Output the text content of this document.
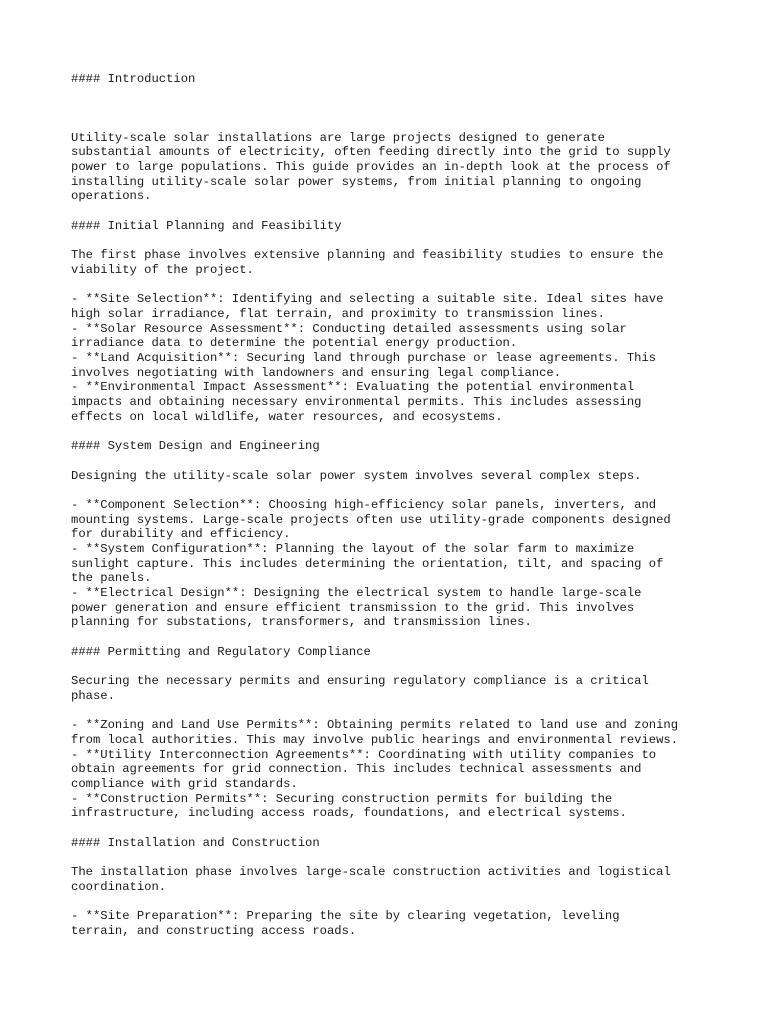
#### Introduction
Utility-scale solar installations are large projects designed to generate
substantial amounts of electricity, often feeding directly into the grid to supply
power to large populations. This guide provides an in-depth look at the process of
installing utility-scale solar power systems, from initial planning to ongoing
operations.
#### Initial Planning and Feasibility
The first phase involves extensive planning and feasibility studies to ensure the
viability of the project.
- **Site Selection**: Identifying and selecting a suitable site. Ideal sites have
high solar irradiance, flat terrain, and proximity to transmission lines.
- **Solar Resource Assessment**: Conducting detailed assessments using solar
irradiance data to determine the potential energy production.
- **Land Acquisition**: Securing land through purchase or lease agreements. This
involves negotiating with landowners and ensuring legal compliance.
- **Environmental Impact Assessment**: Evaluating the potential environmental
impacts and obtaining necessary environmental permits. This includes assessing
effects on local wildlife, water resources, and ecosystems.
#### System Design and Engineering
Designing the utility-scale solar power system involves several complex steps.
- **Component Selection**: Choosing high-efficiency solar panels, inverters, and
mounting systems. Large-scale projects often use utility-grade components designed
for durability and efficiency.
- **System Configuration**: Planning the layout of the solar farm to maximize
sunlight capture. This includes determining the orientation, tilt, and spacing of
the panels.
- **Electrical Design**: Designing the electrical system to handle large-scale
power generation and ensure efficient transmission to the grid. This involves
planning for substations, transformers, and transmission lines.
#### Permitting and Regulatory Compliance
Securing the necessary permits and ensuring regulatory compliance is a critical
phase.
- **Zoning and Land Use Permits**: Obtaining permits related to land use and zoning
from local authorities. This may involve public hearings and environmental reviews.
- **Utility Interconnection Agreements**: Coordinating with utility companies to
obtain agreements for grid connection. This includes technical assessments and
compliance with grid standards.
- **Construction Permits**: Securing construction permits for building the
infrastructure, including access roads, foundations, and electrical systems.
#### Installation and Construction
The installation phase involves large-scale construction activities and logistical
coordination.
- **Site Preparation**: Preparing the site by clearing vegetation, leveling
terrain, and constructing access roads.
